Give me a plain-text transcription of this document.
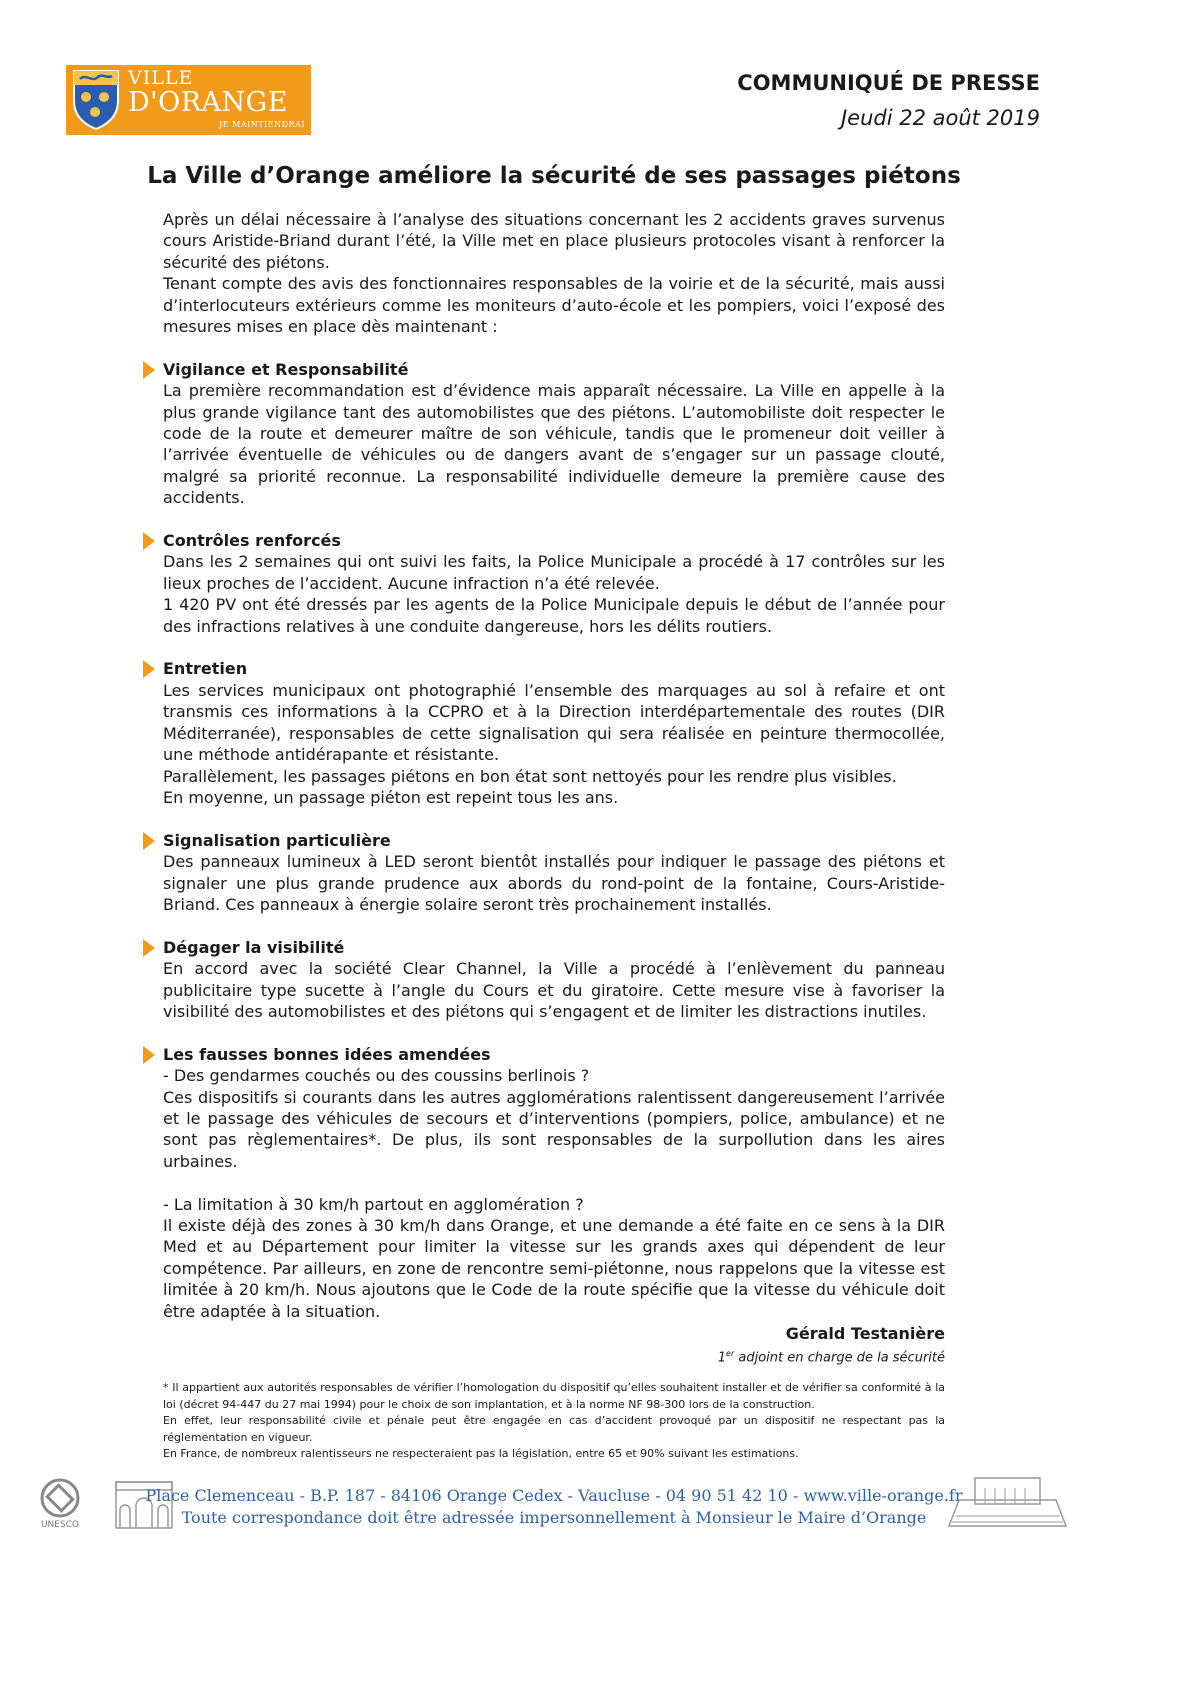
VILLE
D'ORANGE
JE MAINTIENDRAI
COMMUNIQUÉ DE PRESSE
Jeudi 22 août 2019
La Ville d’Orange améliore la sécurité de ses passages piétons

Après un délai nécessaire à l’analyse des situations concernant les 2 accidents graves survenus cours Aristide-Briand durant l’été, la Ville met en place plusieurs protocoles visant à renforcer la sécurité des piétons.

Tenant compte des avis des fonctionnaires responsables de la voirie et de la sécurité, mais aussi d’interlocuteurs extérieurs comme les moniteurs d’auto-école et les pompiers, voici l’exposé des mesures mises en place dès maintenant :

Vigilance et Responsabilité

La première recommandation est d’évidence mais apparaît nécessaire. La Ville en appelle à la plus grande vigilance tant des automobilistes que des piétons. L’automobiliste doit respecter le code de la route et demeurer maître de son véhicule, tandis que le promeneur doit veiller à l’arrivée éventuelle de véhicules ou de dangers avant de s’engager sur un passage clouté, malgré sa priorité reconnue. La responsabilité individuelle demeure la première cause des accidents.

Contrôles renforcés

Dans les 2 semaines qui ont suivi les faits, la Police Municipale a procédé à 17 contrôles sur les lieux proches de l’accident. Aucune infraction n’a été relevée.

1 420 PV ont été dressés par les agents de la Police Municipale depuis le début de l’année pour des infractions relatives à une conduite dangereuse, hors les délits routiers.

Entretien

Les services municipaux ont photographié l’ensemble des marquages au sol à refaire et ont transmis ces informations à la CCPRO et à la Direction interdépartementale des routes (DIR Méditerranée), responsables de cette signalisation qui sera réalisée en peinture thermocollée, une méthode antidérapante et résistante.

Parallèlement, les passages piétons en bon état sont nettoyés pour les rendre plus visibles.

En moyenne, un passage piéton est repeint tous les ans.

Signalisation particulière

Des panneaux lumineux à LED seront bientôt installés pour indiquer le passage des piétons et signaler une plus grande prudence aux abords du rond-point de la fontaine, Cours-Aristide-Briand. Ces panneaux à énergie solaire seront très prochainement installés.

Dégager la visibilité

En accord avec la société Clear Channel, la Ville a procédé à l’enlèvement du panneau publicitaire type sucette à l’angle du Cours et du giratoire. Cette mesure vise à favoriser la visibilité des automobilistes et des piétons qui s’engagent et de limiter les distractions inutiles.

Les fausses bonnes idées amendées

- Des gendarmes couchés ou des coussins berlinois ?

Ces dispositifs si courants dans les autres agglomérations ralentissent dangereusement l’arrivée et le passage des véhicules de secours et d’interventions (pompiers, police, ambulance) et ne sont pas règlementaires*. De plus, ils sont responsables de la surpollution dans les aires urbaines.

- La limitation à 30 km/h partout en agglomération ?

Il existe déjà des zones à 30 km/h dans Orange, et une demande a été faite en ce sens à la DIR Med et au Département pour limiter la vitesse sur les grands axes qui dépendent de leur compétence. Par ailleurs, en zone de rencontre semi-piétonne, nous rappelons que la vitesse est limitée à 20 km/h. Nous ajoutons que le Code de la route spécifie que la vitesse du véhicule doit être adaptée à la situation.

Gérald Testanière
1er adjoint en charge de la sécurité

* Il appartient aux autorités responsables de vérifier l’homologation du dispositif qu’elles souhaitent installer et de vérifier sa conformité à la loi (décret 94-447 du 27 mai 1994) pour le choix de son implantation, et à la norme NF 98-300 lors de la construction.

En effet, leur responsabilité civile et pénale peut être engagée en cas d’accident provoqué par un dispositif ne respectant pas la réglementation en vigueur.

En France, de nombreux ralentisseurs ne respecteraient pas la législation, entre 65 et 90% suivant les estimations.

UNESCO
Place Clemenceau - B.P. 187 - 84106 Orange Cedex - Vaucluse - 04 90 51 42 10 - www.ville-orange.fr
Toute correspondance doit être adressée impersonnellement à Monsieur le Maire d’Orange
